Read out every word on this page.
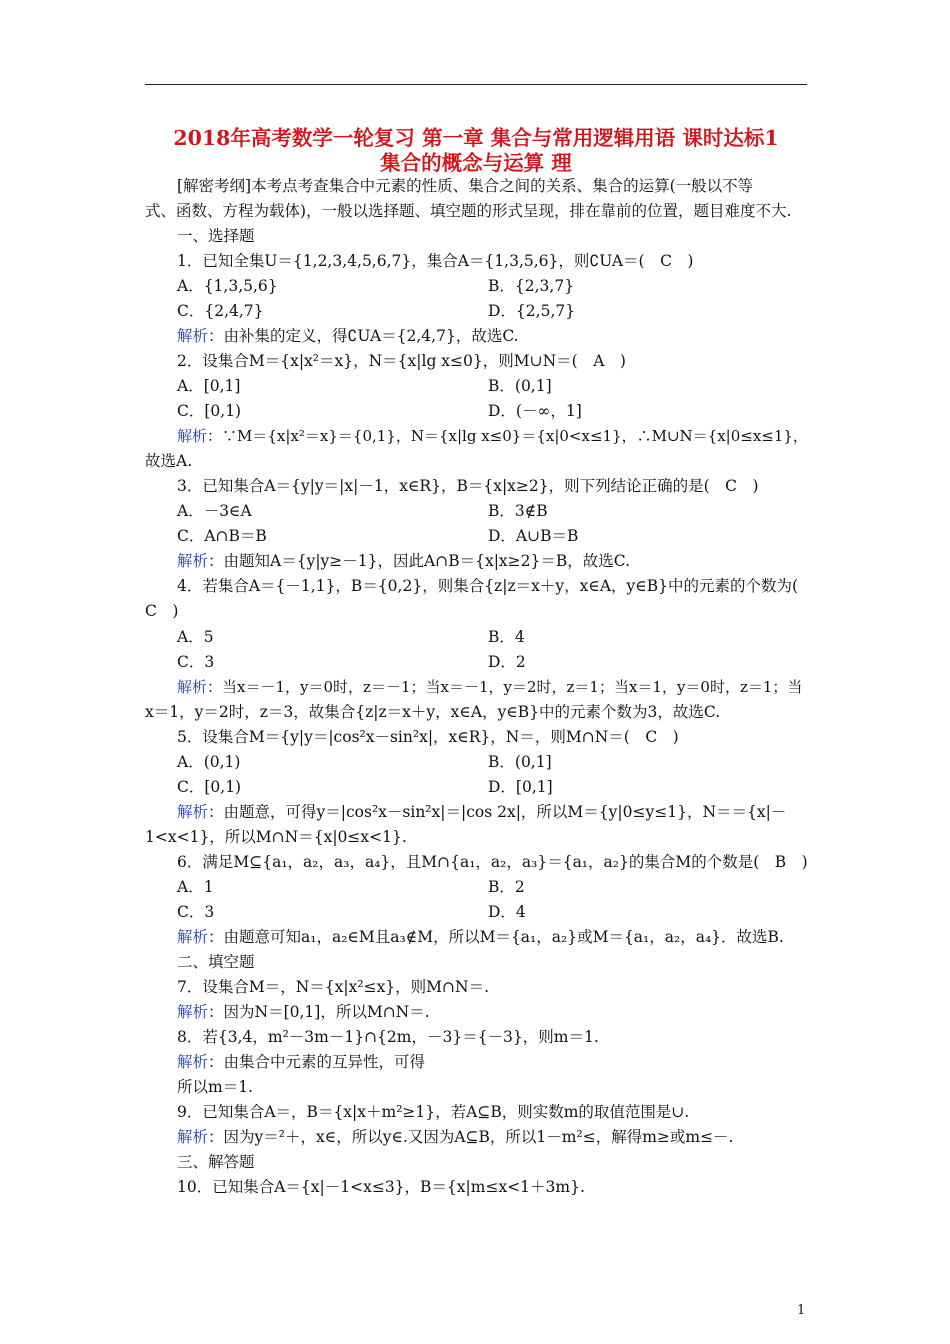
2018年高考数学一轮复习 第一章 集合与常用逻辑用语 课时达标1
集合的概念与运算 理
[解密考纲]本考点考查集合中元素的性质、集合之间的关系、集合的运算(一般以不等
式、函数、方程为载体)，一般以选择题、填空题的形式呈现，排在靠前的位置，题目难度不大.
一、选择题
1．已知全集U＝{1,2,3,4,5,6,7}，集合A＝{1,3,5,6}，则∁UA＝(　C　)
A．{1,3,5,6}	B．{2,3,7}
C．{2,4,7}	D．{2,5,7}
解析：由补集的定义，得∁UA＝{2,4,7}，故选C.
2．设集合M＝{x|x²＝x}，N＝{x|lg x≤0}，则M∪N＝(　A　)
A．[0,1]	B．(0,1]
C．[0,1)	D．(－∞，1]
解析：∵M＝{x|x²＝x}＝{0,1}，N＝{x|lg x≤0}＝{x|0<x≤1}，∴M∪N＝{x|0≤x≤1}，
故选A.
3．已知集合A＝{y|y＝|x|－1，x∈R}，B＝{x|x≥2}，则下列结论正确的是(　C　)
A．－3∈A	B．3∉B
C．A∩B＝B	D．A∪B＝B
解析：由题知A＝{y|y≥－1}，因此A∩B＝{x|x≥2}＝B，故选C.
4．若集合A＝{－1,1}，B＝{0,2}，则集合{z|z＝x＋y，x∈A，y∈B}中的元素的个数为(
C　)
A．5	B．4
C．3	D．2
解析：当x＝－1，y＝0时，z＝－1；当x＝－1，y＝2时，z＝1；当x＝1，y＝0时，z＝1；当
x＝1，y＝2时，z＝3，故集合{z|z＝x＋y，x∈A，y∈B}中的元素个数为3，故选C.
5．设集合M＝{y|y＝|cos²x－sin²x|，x∈R}，N＝，则M∩N＝(　C　)
A．(0,1)	B．(0,1]
C．[0,1)	D．[0,1]
解析：由题意，可得y＝|cos²x－sin²x|＝|cos 2x|，所以M＝{y|0≤y≤1}，N＝＝{x|－
1<x<1}，所以M∩N＝{x|0≤x<1}.
6．满足M⊆{a₁，a₂，a₃，a₄}，且M∩{a₁，a₂，a₃}＝{a₁，a₂}的集合M的个数是(　B　)
A．1	B．2
C．3	D．4
解析：由题意可知a₁，a₂∈M且a₃∉M，所以M＝{a₁，a₂}或M＝{a₁，a₂，a₄}．故选B.
二、填空题
7．设集合M＝，N＝{x|x²≤x}，则M∩N＝.
解析：因为N＝[0,1]，所以M∩N＝.
8．若{3,4，m²－3m－1}∩{2m，－3}＝{－3}，则m＝1.
解析：由集合中元素的互异性，可得
所以m＝1.
9．已知集合A＝，B＝{x|x＋m²≥1}，若A⊆B，则实数m的取值范围是∪.
解析：因为y＝²＋，x∈，所以y∈.又因为A⊆B，所以1－m²≤，解得m≥或m≤－.
三、解答题
10．已知集合A＝{x|－1<x≤3}，B＝{x|m≤x<1＋3m}.
1
